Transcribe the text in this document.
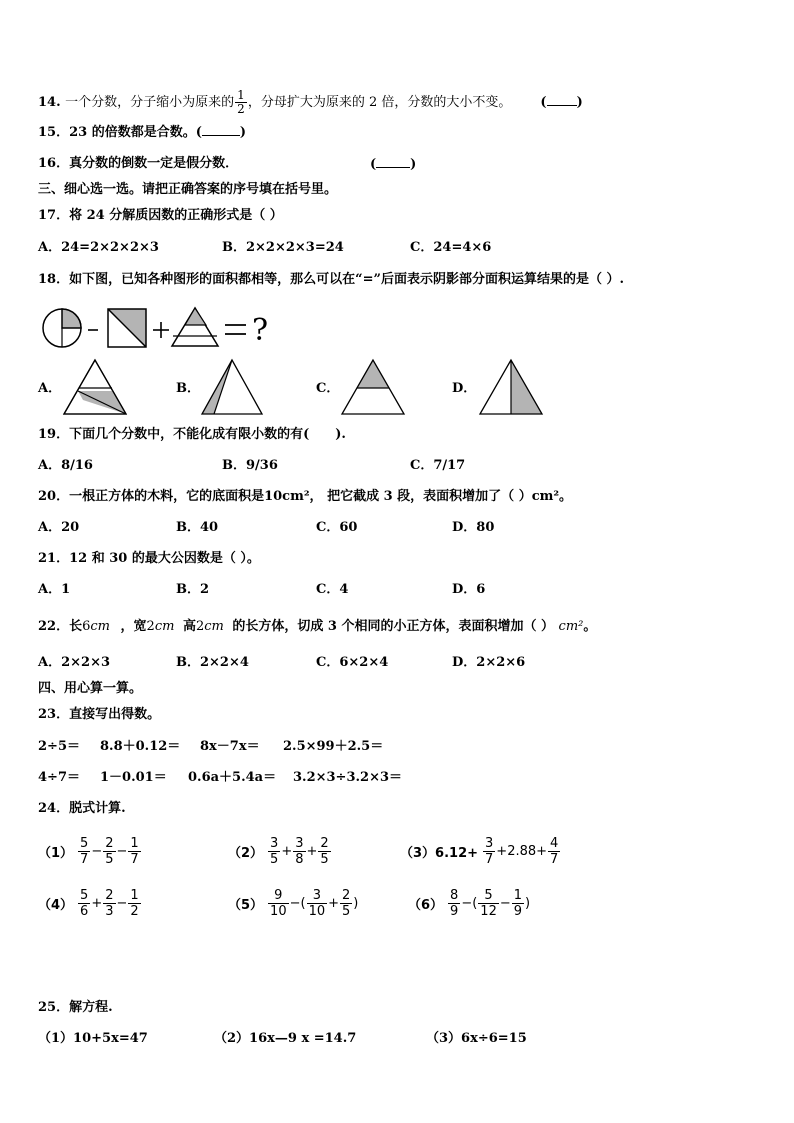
14. 一个分数，分子缩小为原来的 $\frac{1}{2}$ ，分母扩大为原来的 2 倍，分数的大小不变。 ( )
15．23 的倍数都是合数。(	)
16．真分数的倒数一定是假分数．	(	)
三、细心选一选。请把正确答案的序号填在括号里。
17．将 24 分解质因数的正确形式是（ ）
A．24=2×2×2×3	B．2×2×2×3=24	C．24=4×6
18．如下图，已知各种图形的面积都相等，那么可以在“=”后面表示阴影部分面积运算结果的是（ ）.
?
A．	B．	C．	D．
19．下面几个分数中，不能化成有限小数的有(　　).
A．8/16	B．9/36	C．7/17
20．一根正方体的木料，它的底面积是10cm²， 把它截成 3 段，表面积增加了（ ）cm²。
A．20	B．40	C．60	D．80
21．12 和 30 的最大公因数是（ ）。
A．1	B．2	C．4	D．6
22．长6cm ，宽2cm 高2cm 的长方体，切成 3 个相同的小正方体，表面积增加（ ） cm²。
A．2×2×3	B．2×2×4	C．6×2×4	D．2×2×6
四、用心算一算。
23．直接写出得数。
2÷5＝ 8.8＋0.12＝ 8x－7x＝ 2.5×99＋2.5＝
4÷7＝ 1－0.01＝ 0.6a＋5.4a＝ 3.2×3÷3.2×3＝
24．脱式计算.
$(1) \frac{5}{7} - \frac{2}{5} - \frac{1}{7}$	$(2) \frac{3}{5} + \frac{3}{8} + \frac{2}{5}$	$(3)6.12+ \frac{3}{7} +2.88+ \frac{4}{7}$
$(4) \frac{5}{6} + \frac{2}{3} - \frac{1}{2}$	$(5) \frac{9}{10}$ −( $\frac{3}{10} + \frac{2}{5}$ )	$(6) \frac{8}{9}$ −( $\frac{5}{12} - \frac{1}{9}$ )
25．解方程.
（1）10+5x=47	（2）16x—9 x =14.7	（3）6x÷6=15
